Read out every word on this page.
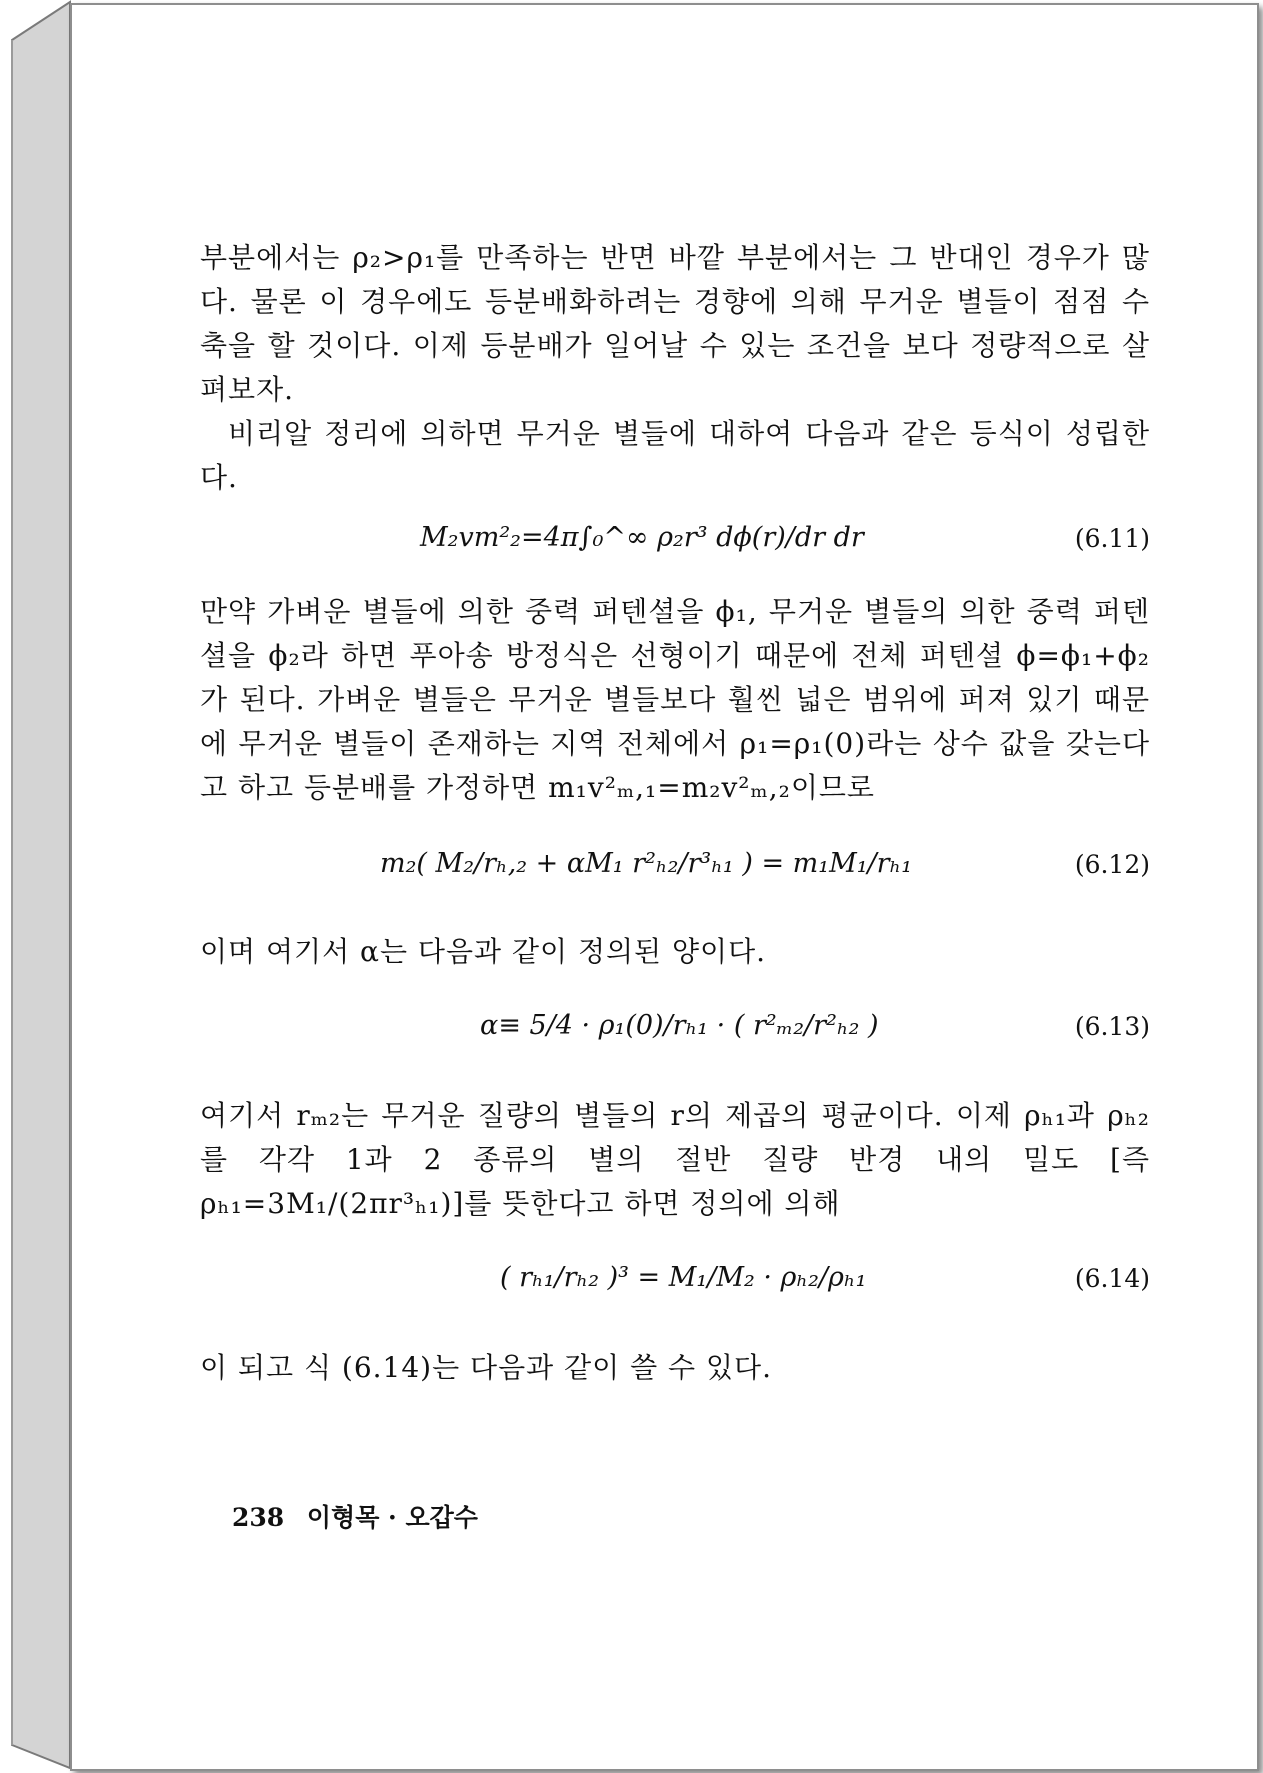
부분에서는 ρ₂>ρ₁를 만족하는 반면 바깥 부분에서는 그 반대인 경우가 많다. 물론 이 경우에도 등분배화하려는 경향에 의해 무거운 별들이 점점 수축을 할 것이다. 이제 등분배가 일어날 수 있는 조건을 보다 정량적으로 살펴보자.

비리알 정리에 의하면 무거운 별들에 대하여 다음과 같은 등식이 성립한다.

M₂vm²₂=4π∫₀^∞ ρ₂r³ dϕ(r)/dr dr	(6.11)

만약 가벼운 별들에 의한 중력 퍼텐셜을 ϕ₁, 무거운 별들의 의한 중력 퍼텐셜을 ϕ₂라 하면 푸아송 방정식은 선형이기 때문에 전체 퍼텐셜 ϕ=ϕ₁+ϕ₂가 된다. 가벼운 별들은 무거운 별들보다 훨씬 넓은 범위에 퍼져 있기 때문에 무거운 별들이 존재하는 지역 전체에서 ρ₁=ρ₁(0)라는 상수 값을 갖는다고 하고 등분배를 가정하면 m₁v²ₘ,₁=m₂v²ₘ,₂이므로

m₂( M₂/rₕ,₂ + αM₁ r²ₕ₂/r³ₕ₁ ) = m₁M₁/rₕ₁	(6.12)

이며 여기서 α는 다음과 같이 정의된 양이다.

α≡ 5/4 · ρ₁(0)/rₕ₁ · ( r²ₘ₂/r²ₕ₂ )	(6.13)

여기서 rₘ₂는 무거운 질량의 별들의 r의 제곱의 평균이다. 이제 ρₕ₁과 ρₕ₂를 각각 1과 2 종류의 별의 절반 질량 반경 내의 밀도 [즉 ρₕ₁=3M₁/(2πr³ₕ₁)]를 뜻한다고 하면 정의에 의해

( rₕ₁/rₕ₂ )³ = M₁/M₂ · ρₕ₂/ρₕ₁	(6.14)

이 되고 식 (6.14)는 다음과 같이 쓸 수 있다.

238 이형목 · 오갑수
